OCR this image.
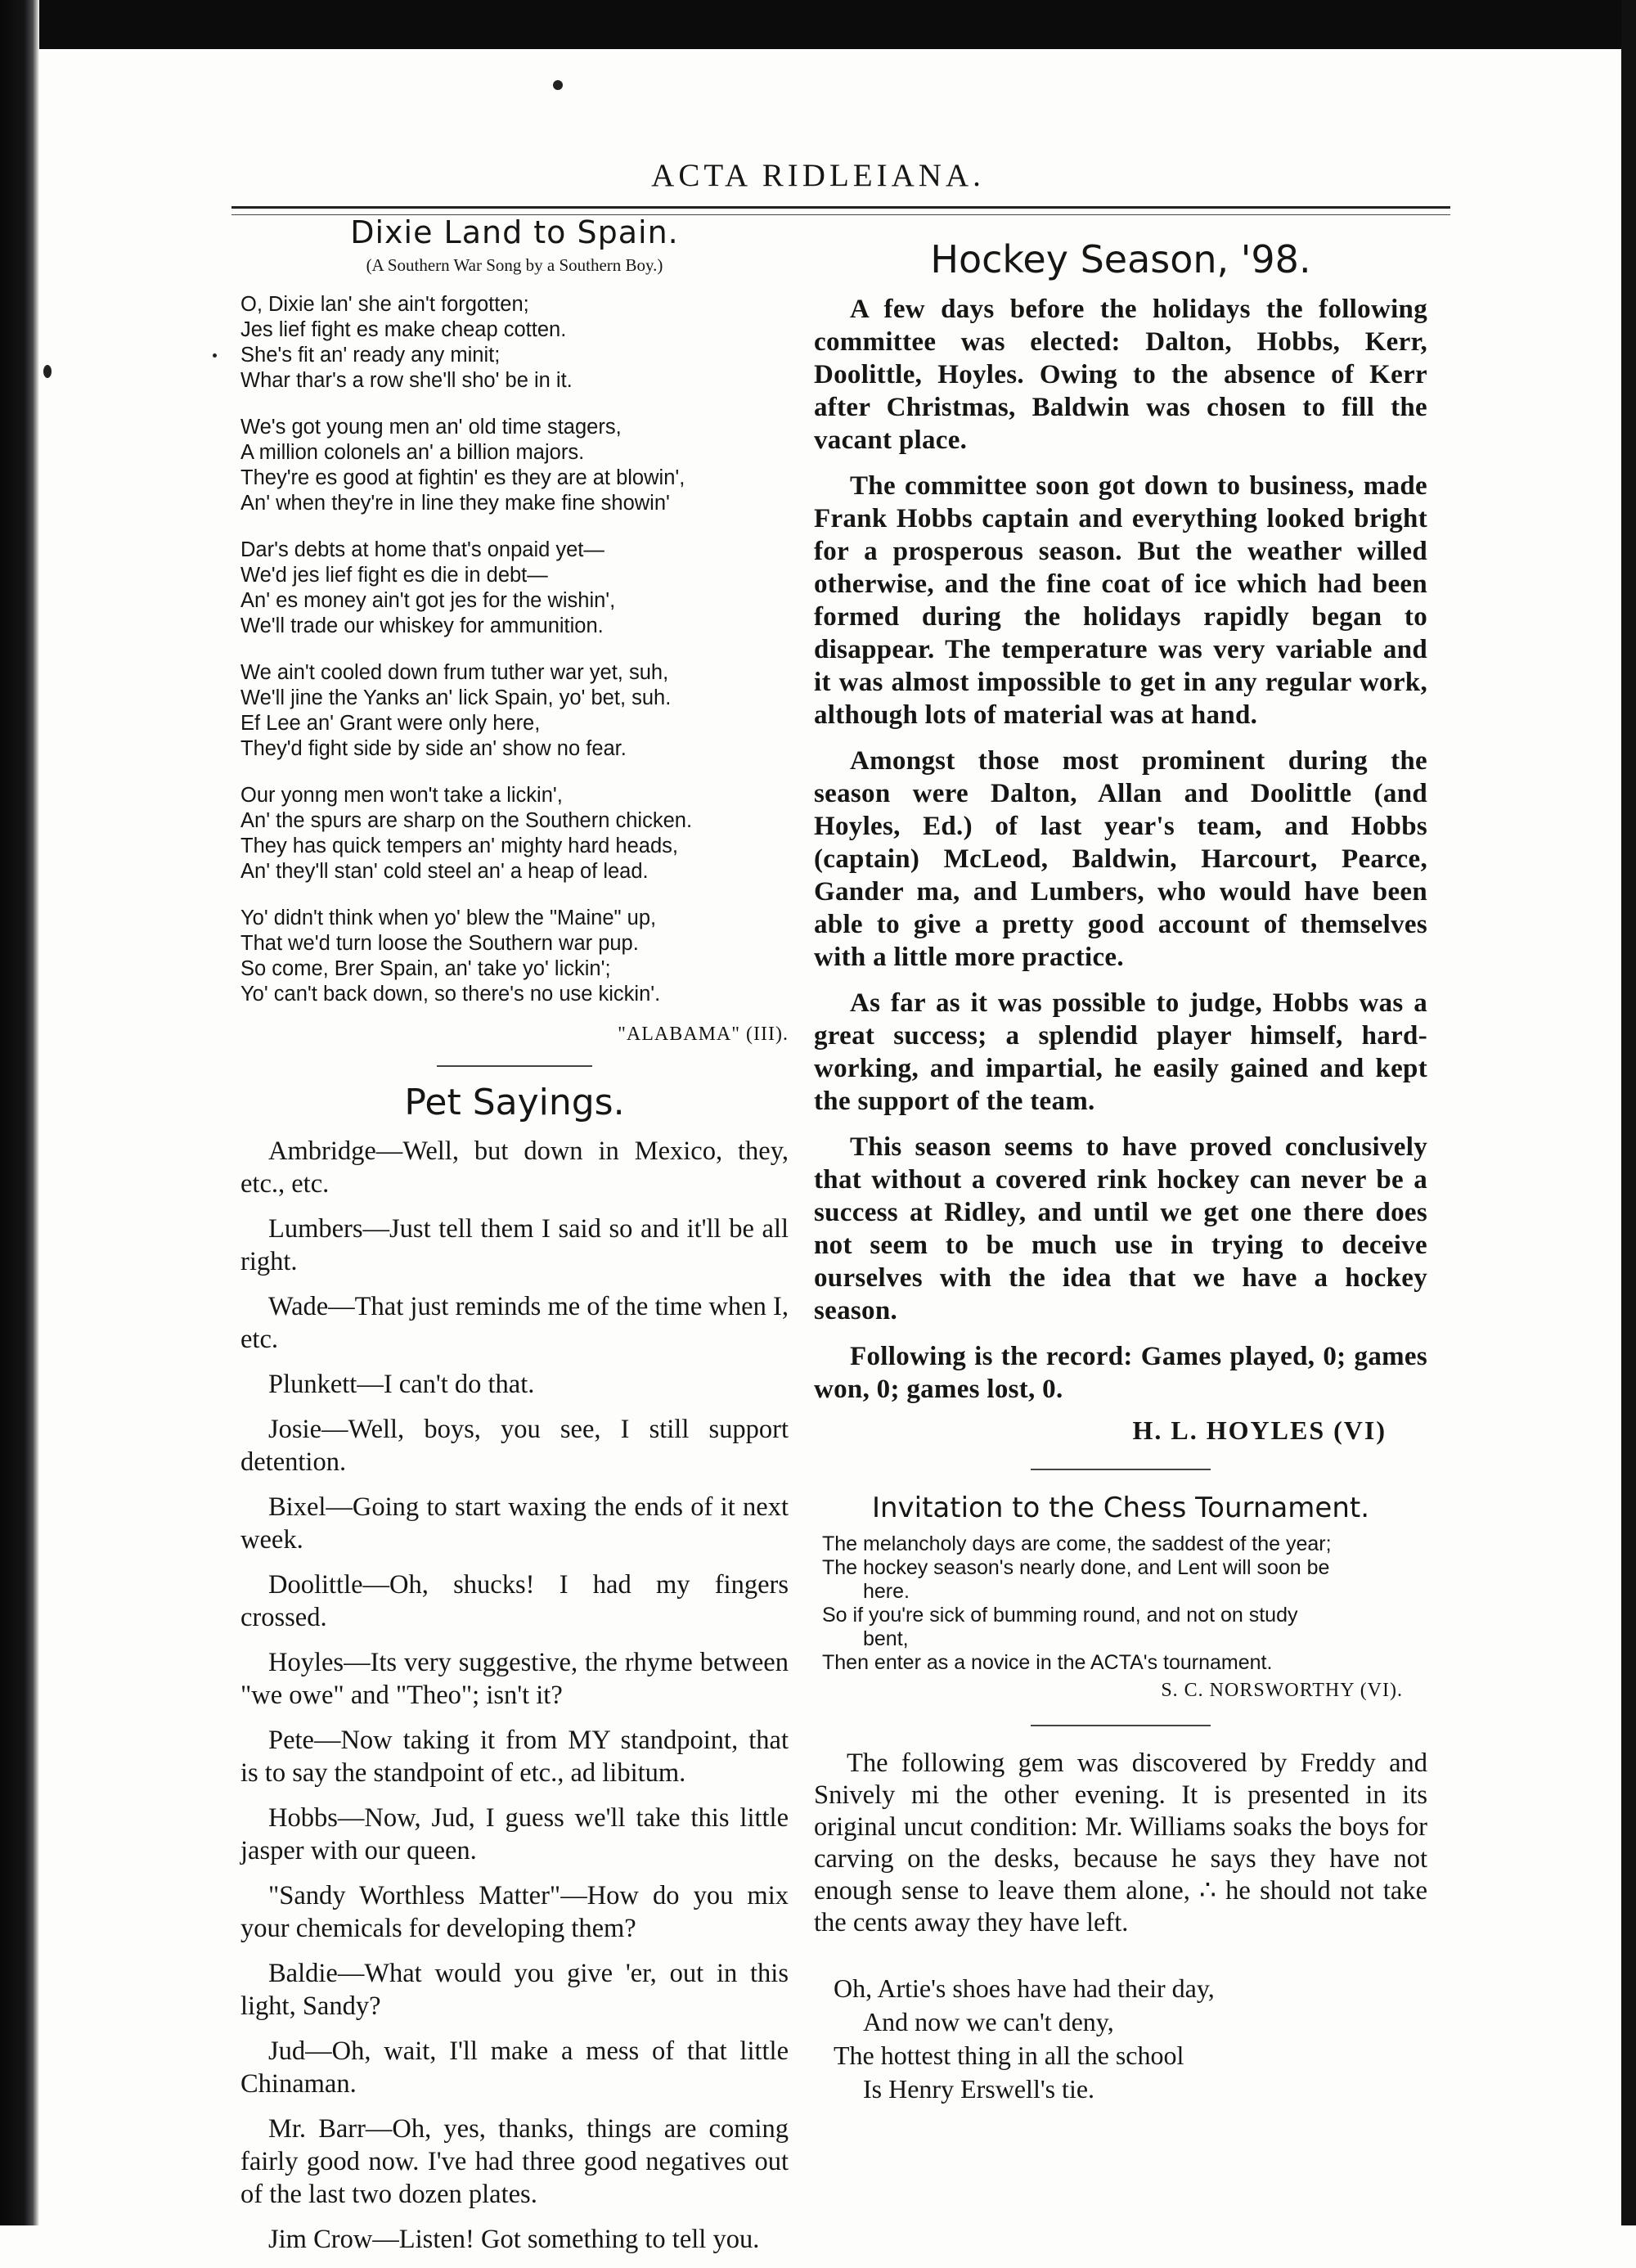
ACTA RIDLEIANA.
Dixie Land to Spain.
(A Southern War Song by a Southern Boy.)
O, Dixie lan' she ain't forgotten;
Jes lief fight es make cheap cotten.
She's fit an' ready any minit;
Whar thar's a row she'll sho' be in it.
We's got young men an' old time stagers,
A million colonels an' a billion majors.
They're es good at fightin' es they are at blowin',
An' when they're in line they make fine showin'
Dar's debts at home that's onpaid yet—
We'd jes lief fight es die in debt—
An' es money ain't got jes for the wishin',
We'll trade our whiskey for ammunition.
We ain't cooled down frum tuther war yet, suh,
We'll jine the Yanks an' lick Spain, yo' bet, suh.
Ef Lee an' Grant were only here,
They'd fight side by side an' show no fear.
Our yonng men won't take a lickin',
An' the spurs are sharp on the Southern chicken.
They has quick tempers an' mighty hard heads,
An' they'll stan' cold steel an' a heap of lead.
Yo' didn't think when yo' blew the "Maine" up,
That we'd turn loose the Southern war pup.
So come, Brer Spain, an' take yo' lickin';
Yo' can't back down, so there's no use kickin'.
"ALABAMA" (III).
Pet Sayings.

Ambridge—Well, but down in Mexico, they, etc., etc.

Lumbers—Just tell them I said so and it'll be all right.

Wade—That just reminds me of the time when I, etc.

Plunkett—I can't do that.

Josie—Well, boys, you see, I still support detention.

Bixel—Going to start waxing the ends of it next week.

Doolittle—Oh, shucks! I had my fingers crossed.

Hoyles—Its very suggestive, the rhyme between "we owe" and "Theo"; isn't it?

Pete—Now taking it from MY standpoint, that is to say the standpoint of etc., ad libitum.

Hobbs—Now, Jud, I guess we'll take this little jasper with our queen.

"Sandy Worthless Matter"—How do you mix your chemicals for developing them?

Baldie—What would you give 'er, out in this light, Sandy?

Jud—Oh, wait, I'll make a mess of that little Chinaman.

Mr. Barr—Oh, yes, thanks, things are coming fairly good now. I've had three good negatives out of the last two dozen plates.

Jim Crow—Listen! Got something to tell you.

Hockey Season, '98.

A few days before the holidays the following committee was elected: Dalton, Hobbs, Kerr, Doolittle, Hoyles. Owing to the absence of Kerr after Christmas, Baldwin was chosen to fill the vacant place.

The committee soon got down to business, made Frank Hobbs captain and everything looked bright for a prosperous season. But the weather willed otherwise, and the fine coat of ice which had been formed during the holidays rapidly began to disappear. The temperature was very variable and it was almost impossible to get in any regular work, although lots of material was at hand.

Amongst those most prominent during the season were Dalton, Allan and Doolittle (and Hoyles, Ed.) of last year's team, and Hobbs (captain) McLeod, Baldwin, Harcourt, Pearce, Gander ma, and Lumbers, who would have been able to give a pretty good account of themselves with a little more practice.

As far as it was possible to judge, Hobbs was a great success; a splendid player himself, hard-working, and impartial, he easily gained and kept the support of the team.

This season seems to have proved conclusively that without a covered rink hockey can never be a success at Ridley, and until we get one there does not seem to be much use in trying to deceive ourselves with the idea that we have a hockey season.

Following is the record: Games played, 0; games won, 0; games lost, 0.

H. L. HOYLES (VI)
Invitation to the Chess Tournament.
The melancholy days are come, the saddest of the year;
The hockey season's nearly done, and Lent will soon be
here.
So if you're sick of bumming round, and not on study
bent,
Then enter as a novice in the ACTA's tournament.
S. C. NORSWORTHY (VI).

The following gem was discovered by Freddy and Snively mi the other evening. It is presented in its original uncut condition: Mr. Williams soaks the boys for carving on the desks, because he says they have not enough sense to leave them alone, ∴ he should not take the cents away they have left.

Oh, Artie's shoes have had their day,
And now we can't deny,
The hottest thing in all the school
Is Henry Erswell's tie.
